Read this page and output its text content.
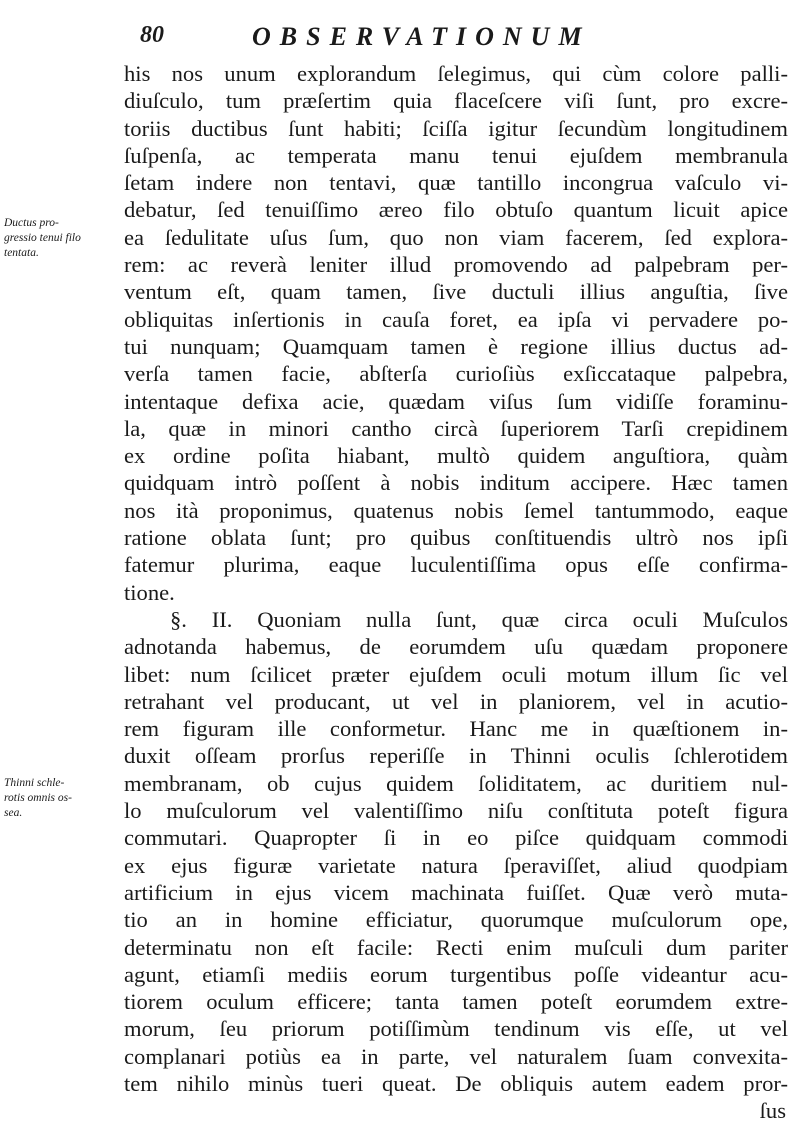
80	OBSERVATIONUM
Ductus pro-
gressio tenui filo
tentata.
Thinni schle-
rotis omnis os-
sea.
his nos unum explorandum ſelegimus, qui cùm colore palli-
diuſculo, tum præſertim quia flaceſcere viſi ſunt, pro excre-
toriis ductibus ſunt habiti; ſciſſa igitur ſecundùm longitudinem
ſuſpenſa, ac temperata manu tenui ejuſdem membranula
ſetam indere non tentavi, quæ tantillo incongrua vaſculo vi-
debatur, ſed tenuiſſimo æreo filo obtuſo quantum licuit apice
ea ſedulitate uſus ſum, quo non viam facerem, ſed explora-
rem: ac reverà leniter illud promovendo ad palpebram per-
ventum eſt, quam tamen, ſive ductuli illius anguſtia, ſive
obliquitas inſertionis in cauſa foret, ea ipſa vi pervadere po-
tui nunquam; Quamquam tamen è regione illius ductus ad-
verſa tamen facie, abſterſa curioſiùs exſiccataque palpebra,
intentaque defixa acie, quædam viſus ſum vidiſſe foraminu-
la, quæ in minori cantho circà ſuperiorem Tarſi crepidinem
ex ordine poſita hiabant, multò quidem anguſtiora, quàm
quidquam intrò poſſent à nobis inditum accipere. Hæc tamen
nos ità proponimus, quatenus nobis ſemel tantummodo, eaque
ratione oblata ſunt; pro quibus conſtituendis ultrò nos ipſi
fatemur plurima, eaque luculentiſſima opus eſſe confirma-
tione.
§. II. Quoniam nulla ſunt, quæ circa oculi Muſculos
adnotanda habemus, de eorumdem uſu quædam proponere
libet: num ſcilicet præter ejuſdem oculi motum illum ſic vel
retrahant vel producant, ut vel in planiorem, vel in acutio-
rem figuram ille conformetur. Hanc me in quæſtionem in-
duxit oſſeam prorſus reperiſſe in Thinni oculis ſchlerotidem
membranam, ob cujus quidem ſoliditatem, ac duritiem nul-
lo muſculorum vel valentiſſimo niſu conſtituta poteſt figura
commutari. Quapropter ſi in eo piſce quidquam commodi
ex ejus figuræ varietate natura ſperaviſſet, aliud quodpiam
artificium in ejus vicem machinata fuiſſet. Quæ verò muta-
tio an in homine efficiatur, quorumque muſculorum ope,
determinatu non eſt facile: Recti enim muſculi dum pariter
agunt, etiamſi mediis eorum turgentibus poſſe videantur acu-
tiorem oculum efficere; tanta tamen poteſt eorumdem extre-
morum, ſeu priorum potiſſimùm tendinum vis eſſe, ut vel
complanari potiùs ea in parte, vel naturalem ſuam convexita-
tem nihilo minùs tueri queat. De obliquis autem eadem pror-
ſus
